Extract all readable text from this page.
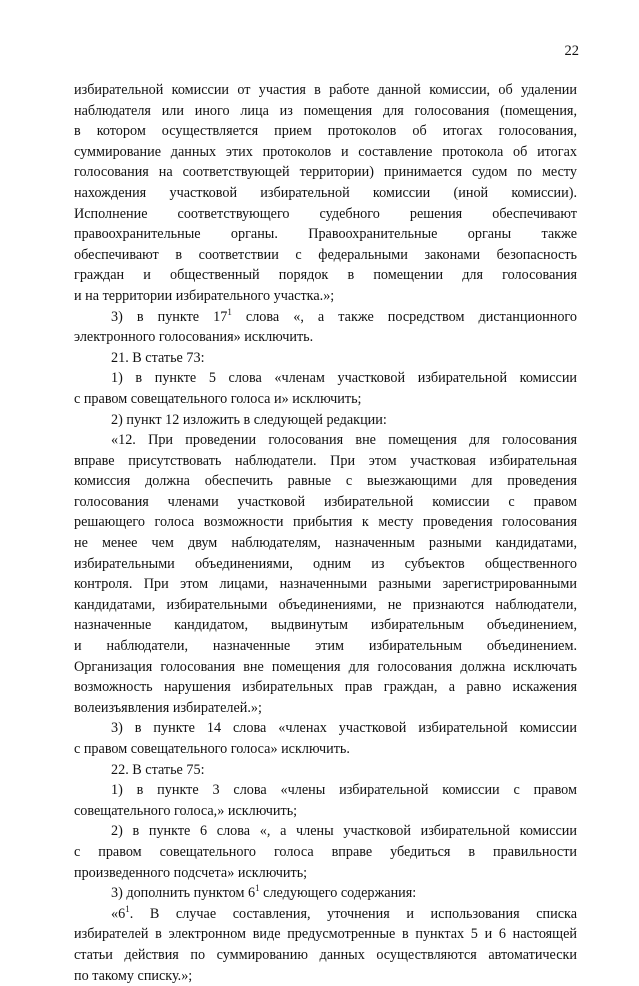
22
избирательной комиссии от участия в работе данной комиссии, об удалении
наблюдателя или иного лица из помещения для голосования (помещения,
в котором осуществляется прием протоколов об итогах голосования,
суммирование данных этих протоколов и составление протокола об итогах
голосования на соответствующей территории) принимается судом по месту
нахождения участковой избирательной комиссии (иной комиссии).
Исполнение соответствующего судебного решения обеспечивают
правоохранительные органы. Правоохранительные органы также
обеспечивают в соответствии с федеральными законами безопасность
граждан и общественный порядок в помещении для голосования
и на территории избирательного участка.»;
3) в пункте $17^1$ слова «, а также посредством дистанционного
электронного голосования» исключить.
21. В статье 73:
1) в пункте 5 слова «членам участковой избирательной комиссии
с правом совещательного голоса и» исключить;
2) пункт 12 изложить в следующей редакции:
«12. При проведении голосования вне помещения для голосования
вправе присутствовать наблюдатели. При этом участковая избирательная
комиссия должна обеспечить равные с выезжающими для проведения
голосования членами участковой избирательной комиссии с правом
решающего голоса возможности прибытия к месту проведения голосования
не менее чем двум наблюдателям, назначенным разными кандидатами,
избирательными объединениями, одним из субъектов общественного
контроля. При этом лицами, назначенными разными зарегистрированными
кандидатами, избирательными объединениями, не признаются наблюдатели,
назначенные кандидатом, выдвинутым избирательным объединением,
и наблюдатели, назначенные этим избирательным объединением.
Организация голосования вне помещения для голосования должна исключать
возможность нарушения избирательных прав граждан, а равно искажения
волеизъявления избирателей.»;
3) в пункте 14 слова «членах участковой избирательной комиссии
с правом совещательного голоса» исключить.
22. В статье 75:
1) в пункте 3 слова «члены избирательной комиссии с правом
совещательного голоса,» исключить;
2) в пункте 6 слова «, а члены участковой избирательной комиссии
с правом совещательного голоса вправе убедиться в правильности
произведенного подсчета» исключить;
3) дополнить пунктом $6^1$ следующего содержания:
«$6^1$. В случае составления, уточнения и использования списка
избирателей в электронном виде предусмотренные в пунктах 5 и 6 настоящей
статьи действия по суммированию данных осуществляются автоматически
по такому списку.»;
